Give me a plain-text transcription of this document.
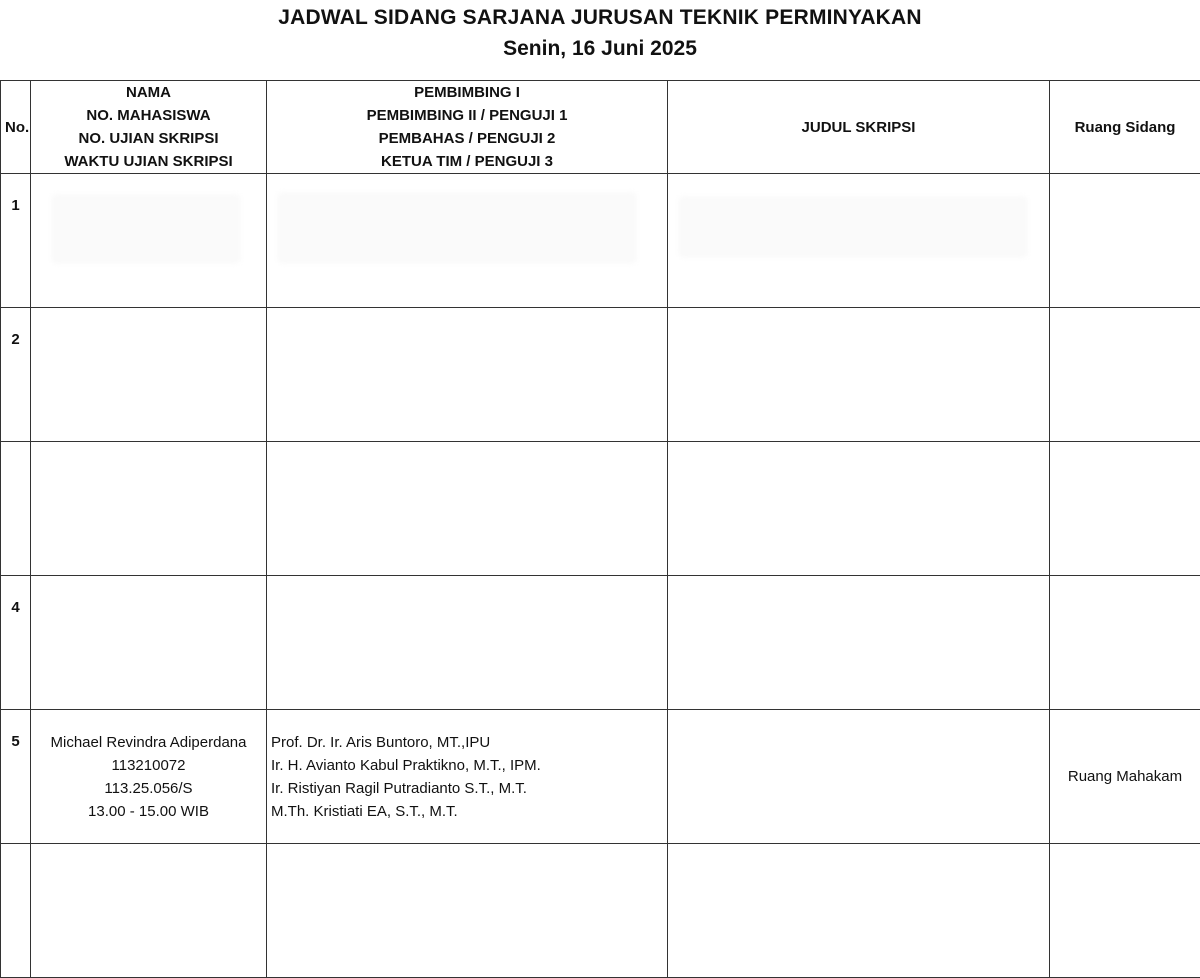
JADWAL SIDANG SARJANA JURUSAN TEKNIK PERMINYAKAN
Senin, 16 Juni 2025
No.	NAMA
NO. MAHASISWA
NO. UJIAN SKRIPSI
WAKTU UJIAN SKRIPSI	PEMBIMBING I
PEMBIMBING II / PENGUJI 1
PEMBAHAS / PENGUJI 2
KETUA TIM / PENGUJI 3	JUDUL SKRIPSI	Ruang Sidang
1	

2				

4				
5	Michael Revindra Adiperdana
113210072
113.25.056/S
13.00 - 15.00 WIB	Prof. Dr. Ir. Aris Buntoro, MT.,IPU
Ir. H. Avianto Kabul Praktikno, M.T., IPM.
Ir. Ristiyan Ragil Putradianto S.T., M.T.
M.Th. Kristiati EA, S.T., M.T.		Ruang Mahakam
